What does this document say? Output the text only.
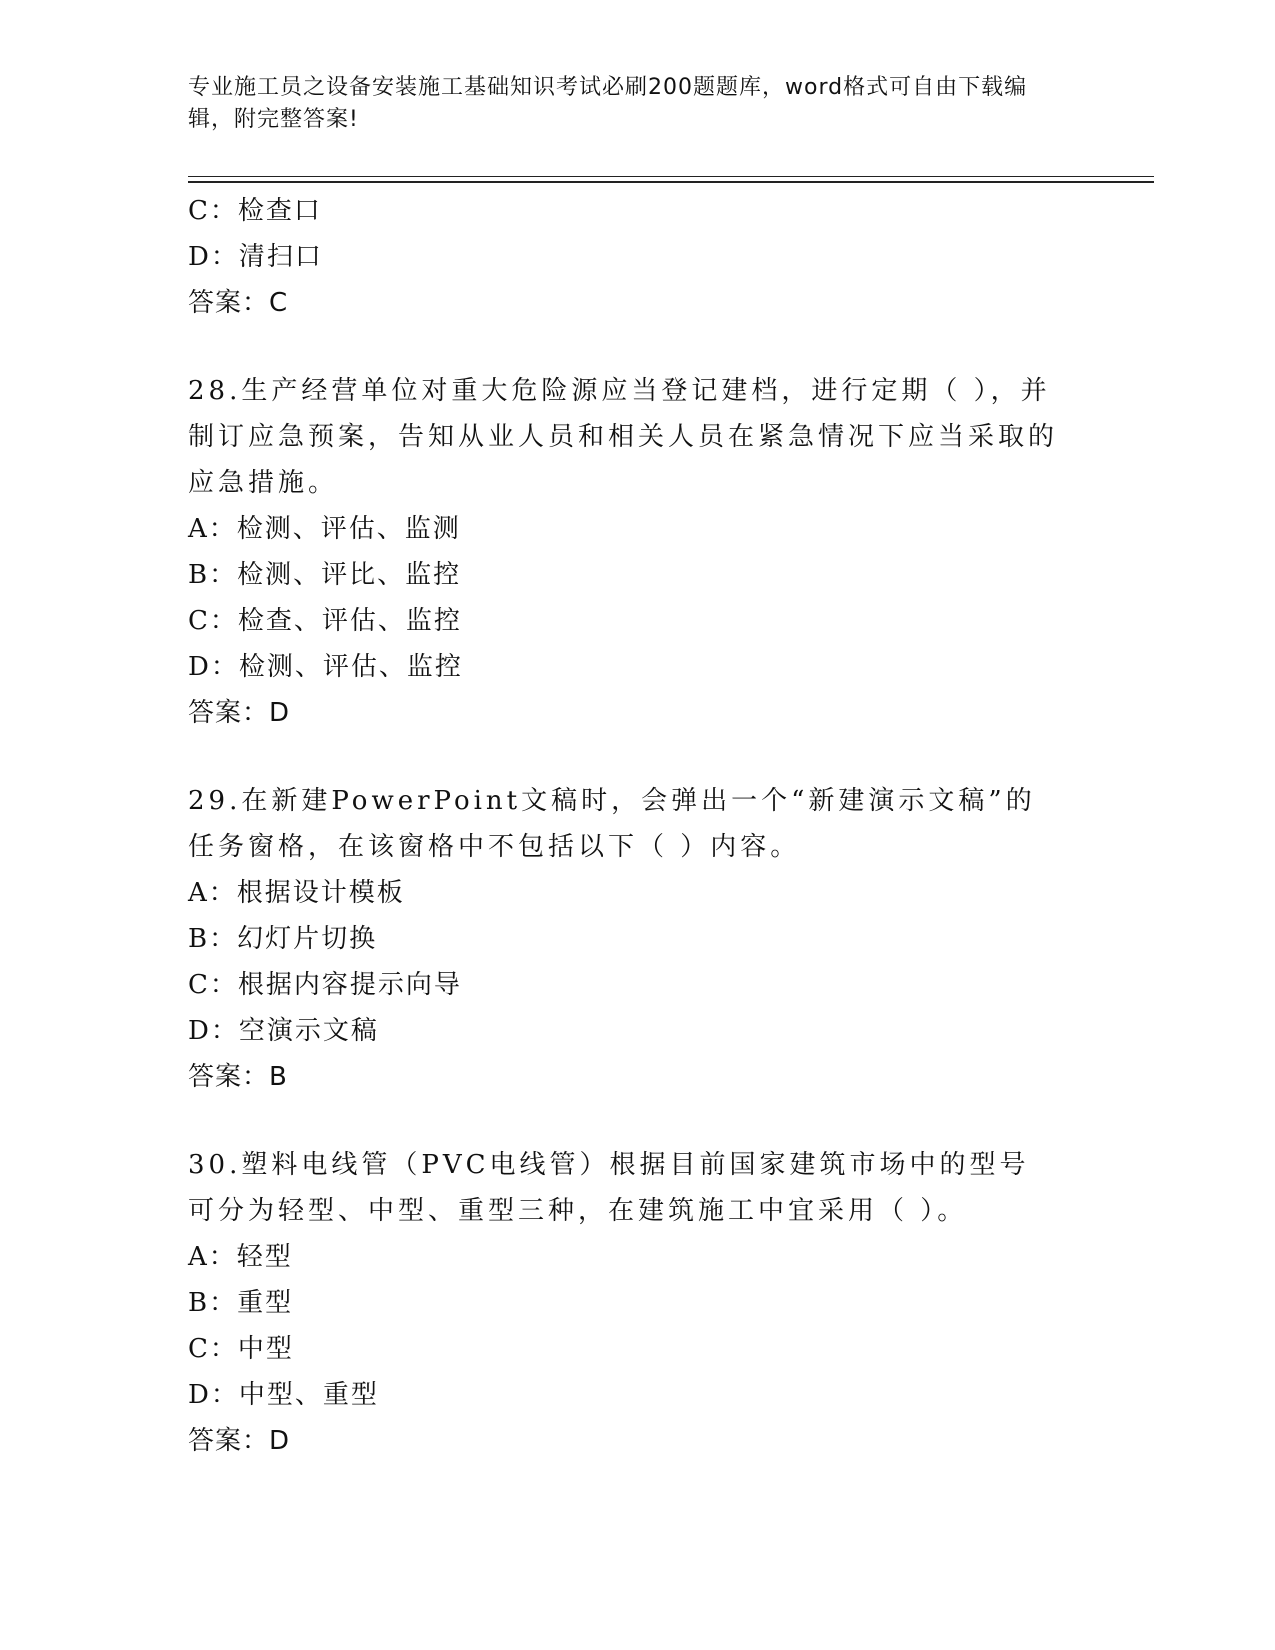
专业施工员之设备安装施工基础知识考试必刷200题题库，word格式可自由下载编辑，附完整答案!
C：检查口
D：清扫口
答案：C
28.生产经营单位对重大危险源应当登记建档，进行定期（ ），并制订应急预案，告知从业人员和相关人员在紧急情况下应当采取的应急措施。
A：检测、评估、监测
B：检测、评比、监控
C：检查、评估、监控
D：检测、评估、监控
答案：D
29.在新建PowerPoint文稿时，会弹出一个“新建演示文稿”的任务窗格，在该窗格中不包括以下（ ）内容。
A：根据设计模板
B：幻灯片切换
C：根据内容提示向导
D：空演示文稿
答案：B
30.塑料电线管（PVC电线管）根据目前国家建筑市场中的型号可分为轻型、中型、重型三种，在建筑施工中宜采用（ ）。
A：轻型
B：重型
C：中型
D：中型、重型
答案：D
